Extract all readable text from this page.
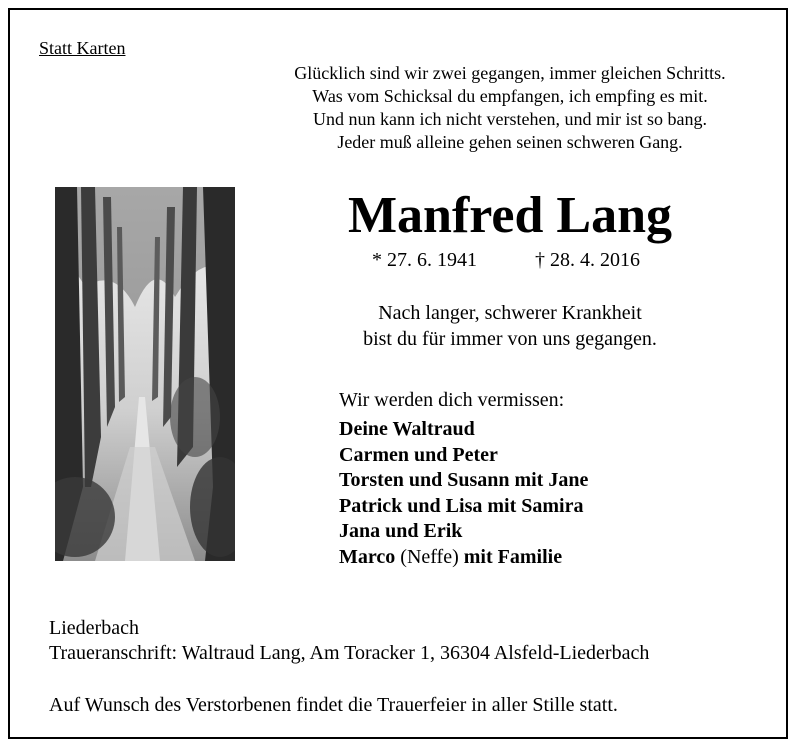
Statt Karten
Glücklich sind wir zwei gegangen, immer gleichen Schritts.
Was vom Schicksal du empfangen, ich empfing es mit.
Und nun kann ich nicht verstehen, und mir ist so bang.
Jeder muß alleine gehen seinen schweren Gang.
Manfred Lang
* 27. 6. 1941	† 28. 4. 2016
Nach langer, schwerer Krankheit
bist du für immer von uns gegangen.
Wir werden dich vermissen:
Deine Waltraud
Carmen und Peter
Torsten und Susann mit Jane
Patrick und Lisa mit Samira
Jana und Erik
Marco (Neffe) mit Familie
Liederbach
Traueranschrift: Waltraud Lang, Am Toracker 1, 36304 Alsfeld-Liederbach
Auf Wunsch des Verstorbenen findet die Trauerfeier in aller Stille statt.
